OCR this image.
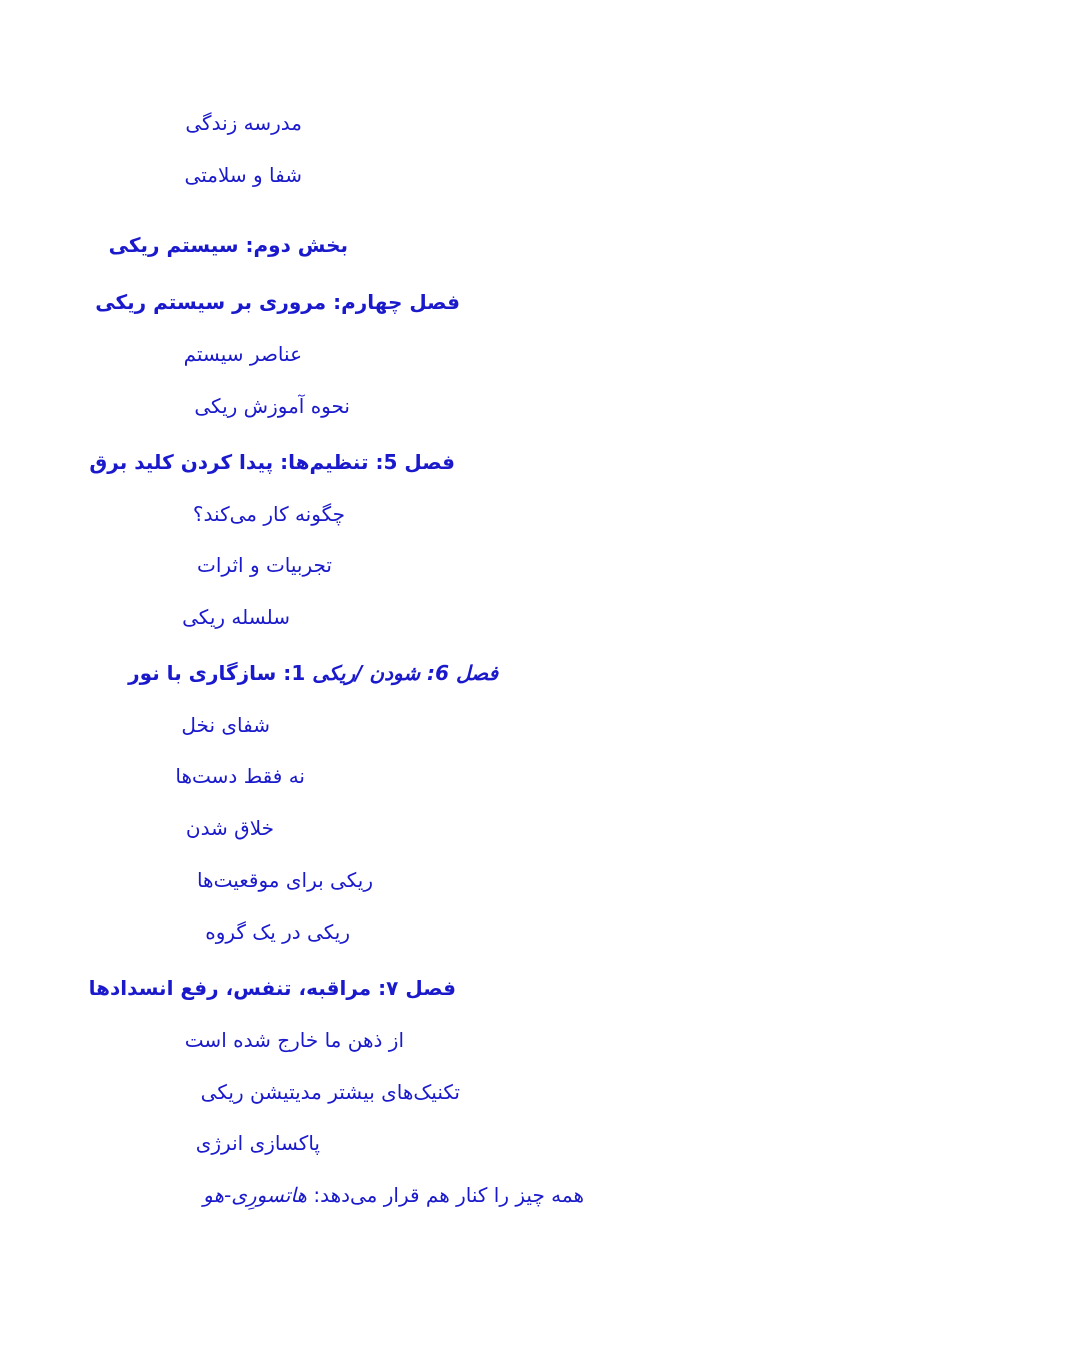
مدرسه زندگی
شفا و سلامتی
بخش دوم: سیستم ریکی
فصل چهارم: مروری بر سیستم ریکی
عناصر سیستم
نحوه آموزش ریکی
فصل 5: تنظیم‌ها: پیدا کردن کلید برق
چگونه کار می‌کند؟
تجربیات و اثرات
سلسله ریکی
فصل 6: شودن /ریکی 1: سازگاری با نور
شفای نخل
نه فقط دست‌ها
خلاق شدن
ریکی برای موقعیت‌ها
ریکی در یک گروه
فصل ۷: مراقبه، تنفس، رفع انسدادها
از ذهن ما خارج شده است
تکنیک‌های بیشتر مدیتیشن ریکی
پاکسازی انرژی
همه چیز را کنار هم قرار می‌دهد: هاتسورِی-هو
